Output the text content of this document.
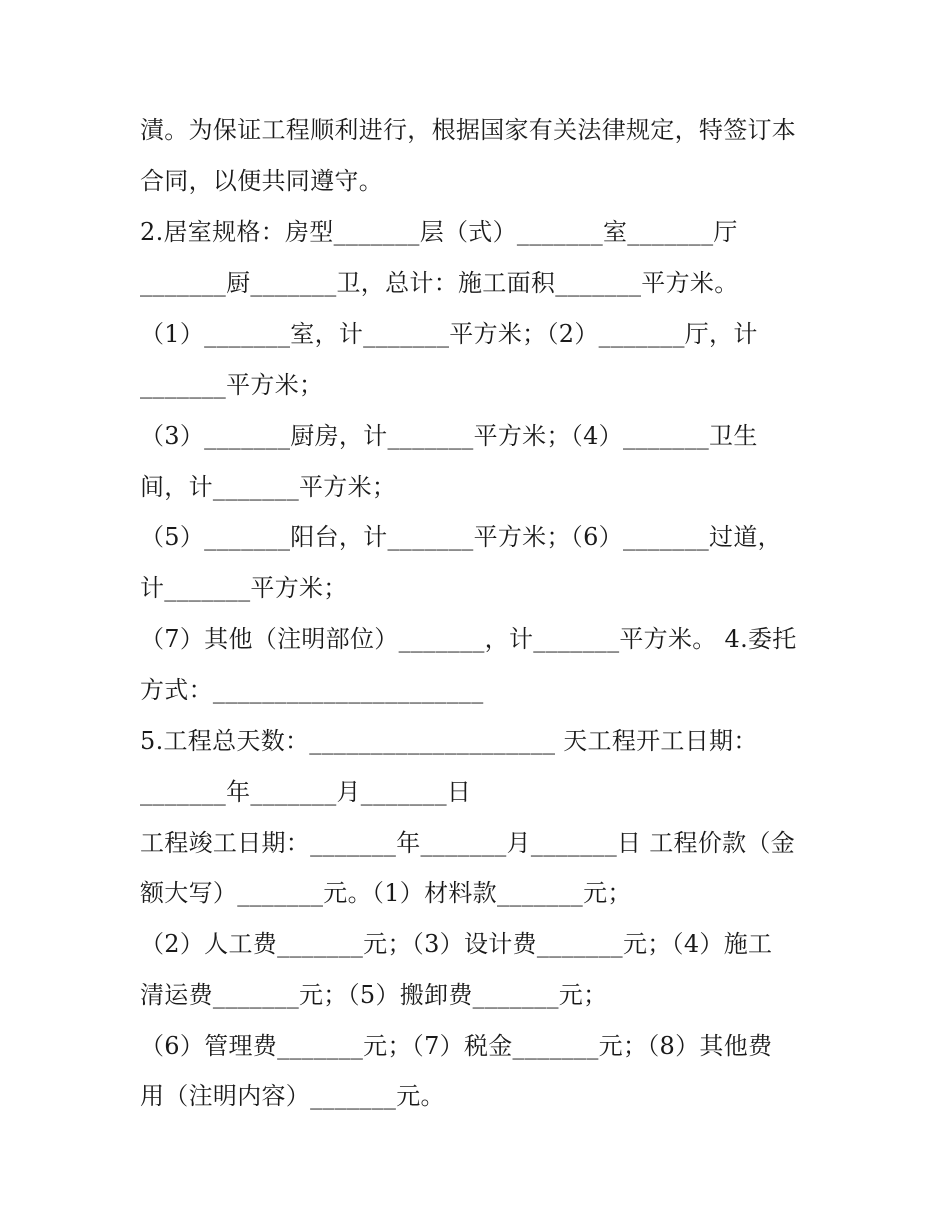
漬。为保证工程顺利进行，根据国家有关法律规定，特签订本
合同，以便共同遵守。
2.居室规格：房型_______层（式）_______室_______厅
_______厨_______卫，总计：施工面积_______平方米。
（1）_______室，计_______平方米；（2）_______厅，计
_______平方米；
（3）_______厨房，计_______平方米；（4）_______卫生
间，计_______平方米；
（5）_______阳台，计_______平方米；（6）_______过道，
计_______平方米；
（7）其他（注明部位）_______，计_______平方米。 4.委托
方式：______________________
5.工程总天数：____________________ 天工程开工日期：
_______年_______月_______日
工程竣工日期：_______年_______月_______日 工程价款（金
额大写）_______元。（1）材料款_______元；
（2）人工费_______元；（3）设计费_______元；（4）施工
清运费_______元；（5）搬卸费_______元；
（6）管理费_______元；（7）税金_______元；（8）其他费
用（注明内容）_______元。
